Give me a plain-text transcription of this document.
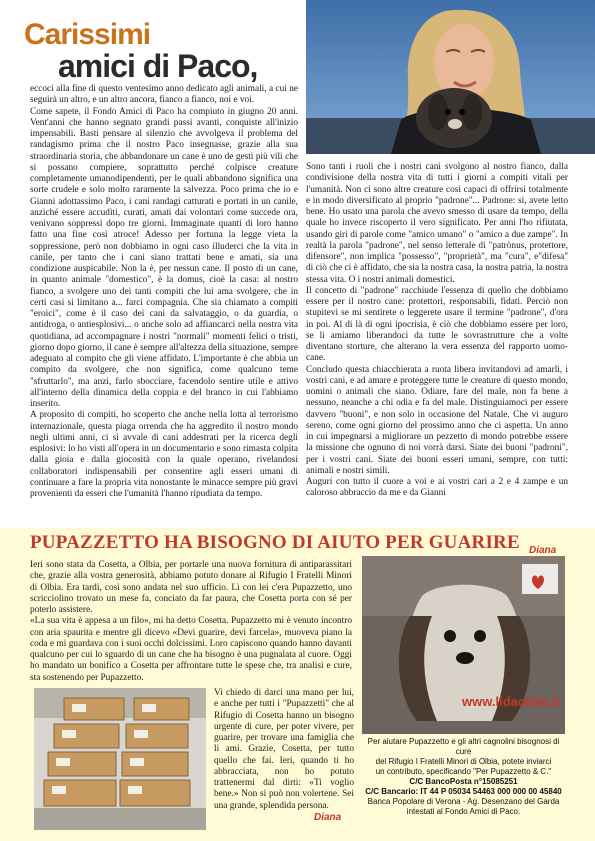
Carissimi
amici di Paco,

eccoci alla fine di questo ventesimo anno dedicato agli animali, a cui ne seguirà un altro, e un altro ancora, fianco a fianco, noi e voi.

Come sapete, il Fondo Amici di Paco ha compiuto in giugno 20 anni. Vent'anni che hanno segnato grandi passi avanti, conquiste all'inizio impensabili. Basti pensare al silenzio che avvolgeva il problema del randagismo prima che il nostro Paco insegnasse, grazie alla sua straordinaria storia, che abbandonare un cane è uno de gesti più vili che si possano compiere, soprattutto perché colpisce creature completamente umanodipendenti, per le quali abbandono significa una sorte crudele e solo molto raramente la salvezza. Poco prima che io e Gianni adottassimo Paco, i cani randagi catturati e portati in un canile, anziché essere accuditi, curati, amati dai volontari come succede ora, venivano soppressi dopo tre giorni. Immaginate quanti di loro hanno fatto una fine così atroce! Adesso per fortuna la legge vieta la soppressione, però non dobbiamo in ogni caso illuderci che la vita in canile, per tanto che i cani siano trattati bene e amati, sia una condizione auspicabile. Non la è, per nessun cane. Il posto di un cane, in quanto animale "domestico", è la domus, cioè la casa: al nostro fianco, a svolgere uno dei tanti compiti che lui ama svolgere, che in certi casi si limitano a... farci compagnia. Che sia chiamato a compiti "eroici", come è il caso dei cani da salvataggio, o da guardia, o antidroga, o antiesplosivi... o anche solo ad affiancarci nella nostra vita quotidiana, ad accompagnare i nostri "normali" momenti felici o tristi, giorno dopo giorno, il cane è sempre all'altezza della situazione, sempre adeguato al compito che gli viene affidato. L'importante è che abbia un compito da svolgere, che non significa, come qualcuno teme "sfruttarlo", ma anzi, farlo sbocciare, facendolo sentire utile e attivo all'interno della dinamica della coppia e del branco in cui l'abbiamo inserito.

A proposito di compiti, ho scoperto che anche nella lotta al terrorismo internazionale, questa piaga orrenda che ha aggredito il nostro mondo negli ultimi anni, ci si avvale di cani addestrati per la ricerca degli esplosivi: lo ho visti all'opera in un documentario e sono rimasta colpita dalla gioia e dalla giocosità con la quale operano, rivelandosi collaboratori indispensabili per consentire agli esseri umani di continuare a fare la propria vita nonostante le minacce sempre più gravi provenienti da esseri che l'umanità l'hanno ripudiata da tempo.

Sono tanti i ruoli che i nostri cani svolgono al nostro fianco, dalla condivisione della nostra vita di tutti i giorni a compiti vitali per l'umanità. Non ci sono altre creature così capaci di offrirsi totalmente e in modo diversificato al proprio "padrone"... Padrone: sì, avete letto bene. Ho usato una parola che avevo smesso di usare da tempo, della quale ho invece riscoperto il vero significato. Per anni l'ho rifiutata, usando giri di parole come "amico umano" o "amico a due zampe". In realtà la parola "padrone", nel senso letterale di "patrònus, protettore, difensore", non implica "possesso", "proprietà", ma "cura", e"difesa" di ciò che ci è affidato, che sia la nostra casa, la nostra patria, la nostra stessa vita. O i nostri animali domestici.

Il concetto di "padrone" racchiude l'essenza di quello che dobbiamo essere per il nostro cane: protettori, responsabili, fidati. Perciò non stupitevi se mi sentirete o leggerete usare il termine "padrone", d'ora in poi. Al di là di ogni ipocrisia, è ciò che dobbiamo essere per loro, se li amiamo liberandoci da tutte le sovrastrutture che a volte diventano storture, che alterano la vera essenza del rapporto uomo-cane.

Concludo questa chiacchierata a ruota libera invitandovi ad amarli, i vostri cani, e ad amare e proteggere tutte le creature di questo mondo, uomini o animali che siano. Odiare, fare del male, non fa bene a nessuno, neanche a chi odia e fa del male. Distinguiamoci per essere davvero "buoni", e non solo in occasione del Natale. Che vi auguro sereno, come ogni giorno del prossimo anno che ci aspetta. Un anno in cui impegnarsi a migliorare un pezzetto di mondo potrebbe essere la missione che ognuno di noi vorrà darsi. Siate dei buoni "padroni", per i vostri cani. Siate dei buoni esseri umani, sempre, con tutti: animali e nostri simili.

Auguri con tutto il cuore a voi e ai vostri cari a 2 e 4 zampe e un caloroso abbraccio da me e da Gianni

Diana
PUPAZZETTO HA BISOGNO DI AIUTO PER GUARIRE

Ieri sono stata da Cosetta, a Olbia, per portarle una nuova fornitura di antiparassitari che, grazie alla vostra generosità, abbiamo potuto donare al Rifugio I Fratelli Minori di Olbia. Era tardi, così sono andata nel suo ufficio. Lì con lei c'era Pupazzetto, uno scricciolino trovato un mese fa, conciato da far paura, che Cosetta porta con sé per poterlo assistere.

«La sua vita è appesa a un filo», mi ha detto Cosetta. Pupazzetto mi è venuto incontro con aria spaurita e mentre gli dicevo «Devi guarire, devi farcela», muoveva piano la coda e mi guardava con i suoi occhi dolcissimi. Loro capiscono quando hanno davanti qualcuno per cui lo sguardo di un cane che ha bisogno è una pugnalata al cuore. Oggi ho mandato un bonifico a Cosetta per affrontare tutte le spese che, tra analisi e cure, sta sostenendo per Pupazzetto.

Vi chiedo di darci una mano per lui, e anche per tutti i "Pupazzetti" che al Rifugio di Cosetta hanno un bisogno urgente di cure, per poter vivere, per guarire, per trovare una famiglia che li ami. Grazie, Cosetta, per tutto quello che fai. Ieri, quando ti ho abbracciata, non ho potuto trattenermi dal dirti: «Ti voglio bene.» Non si può non volertene. Sei una grande, splendida persona.

Diana
www.lidaolbia.it
Per aiutare Pupazzetto e gli altri cagnolini bisognosi di cure
del Rifugio I Fratelli Minori di Olbia, potete inviarci
un contributo, specificando "Per Pupazzetto & C."
C/C BancoPosta n°15085251
C/C Bancario: IT 44 P 05034 54463 000 000 00 45840
Banca Popolare di Verona - Ag. Desenzano del Garda
intestati al Fondo Amici di Paco.
